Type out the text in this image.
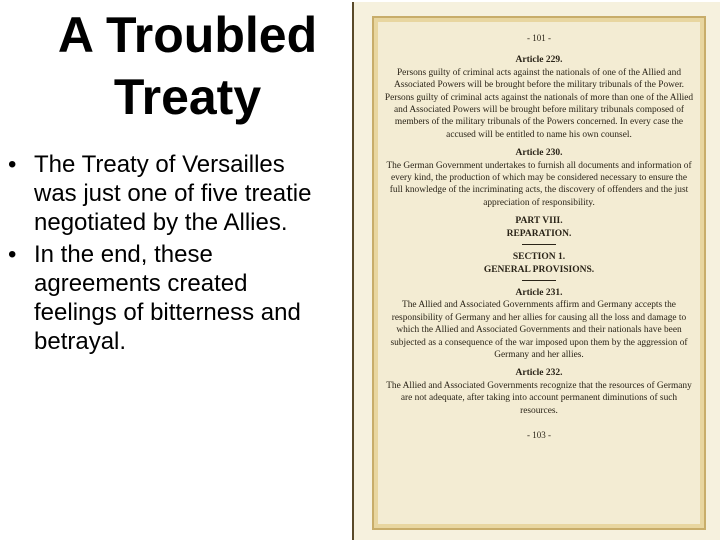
A Troubled
Treaty
• The Treaty of Versailles
was just one of five treatie
negotiated by the Allies.
• In the end, these
agreements created
feelings of bitterness and
betrayal.

- 101 -

Article 229.

Persons guilty of criminal acts against the nationals of one of the Allied and Associated Powers will be brought before the military tribunals of the Power. Persons guilty of criminal acts against the nationals of more than one of the Allied and Associated Powers will be brought before military tribunals composed of members of the military tribunals of the Powers concerned. In every case the accused will be entitled to name his own counsel.

Article 230.

The German Government undertakes to furnish all documents and information of every kind, the production of which may be considered necessary to ensure the full knowledge of the incriminating acts, the discovery of offenders and the just appreciation of responsibility.

PART VIII.

REPARATION.

SECTION 1.

GENERAL PROVISIONS.

Article 231.

The Allied and Associated Governments affirm and Germany accepts the responsibility of Germany and her allies for causing all the loss and damage to which the Allied and Associated Governments and their nationals have been subjected as a consequence of the war imposed upon them by the aggression of Germany and her allies.

Article 232.

The Allied and Associated Governments recognize that the resources of Germany are not adequate, after taking into account permanent diminutions of such resources.

- 103 -
